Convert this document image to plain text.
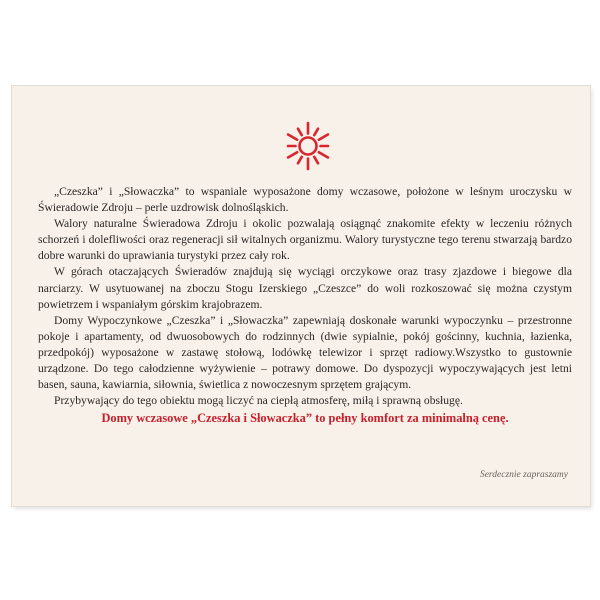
„Czeszka” i „Słowaczka” to wspaniale wyposażone domy wczasowe, położone w leśnym uroczysku w Świeradowie Zdroju – perle uzdrowisk dolnośląskich.

Walory naturalne Świeradowa Zdroju i okolic pozwalają osiągnąć znakomite efekty w leczeniu różnych schorzeń i dolefliwości oraz regeneracji sił witalnych organizmu. Walory turystyczne tego terenu stwarzają bardzo dobre warunki do uprawiania turystyki przez cały rok.

W górach otaczających Świeradów znajdują się wyciągi orczykowe oraz trasy zjazdowe i biegowe dla narciarzy. W usytuowanej na zboczu Stogu Izerskiego „Czeszce” do woli rozkoszować się można czystym powietrzem i wspaniałym górskim krajobrazem.

Domy Wypoczynkowe „Czeszka” i „Słowaczka” zapewniają doskonałe warunki wypoczynku – przestronne pokoje i apartamenty, od dwuosobowych do rodzinnych (dwie sypialnie, pokój gościnny, kuchnia, łazienka, przedpokój) wyposażone w zastawę stołową, lodówkę telewizor i sprzęt radiowy.Wszystko to gustownie urządzone. Do tego całodzienne wyżywienie – potrawy domowe. Do dyspozycji wypoczywających jest letni basen, sauna, kawiarnia, siłownia, świetlica z nowoczesnym sprzętem grającym.

Przybywający do tego obiektu mogą liczyć na ciepłą atmosferę, miłą i sprawną obsługę.

Domy wczasowe „Czeszka i Słowaczka” to pełny komfort za minimalną cenę.
Serdecznie zapraszamy
